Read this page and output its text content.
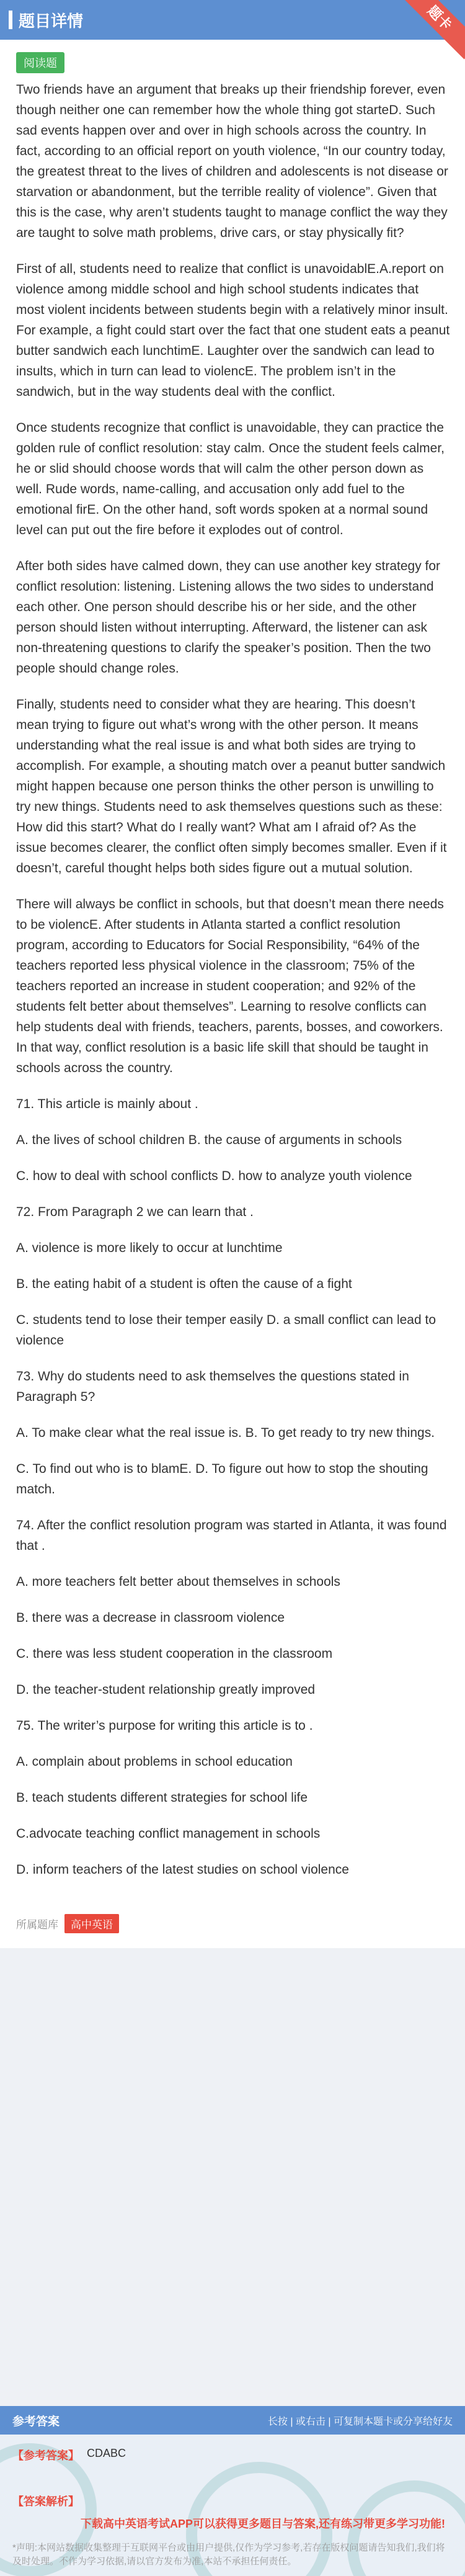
题目详情	题卡
阅读题

Two friends have an argument that breaks up their friendship forever, even though neither one can remember how the whole thing got startеD. Such sad events happen over and over in high schools across the country. In fact, according to an official report on youth violence, “In our country today, the greatest threat to the lives of children and adolescents is not disease or starvation or abandonment, but the terrible reality of violence”. Given that this is the case, why aren’t students taught to manage conflict the way they are taught to solve math problems, drive cars, or stay physically fit?

First of all, students need to realize that conflict is unavoidablE.A.report on violence among middle school and high school students indicates that most violent incidents between students begin with a relatively minor insult. For example, a fight could start over the fact that one student eats a peanut butter sandwich each lunchtimE. Laughter over the sandwich can lead to insults, which in turn can lead to violencE. The problem isn’t in the sandwich, but in the way students deal with the conflict.

Once students recognize that conflict is unavoidable, they can practice the golden rule of conflict resolution: stay calm. Once the student feels calmer, he or slid should choose words that will calm the other person down as well. Rude words, name-calling, and accusation only add fuel to the emotional firE. On the other hand, soft words spoken at a normal sound level can put out the fire before it explodes out of control.

After both sides have calmed down, they can use another key strategy for conflict resolution: listening. Listening allows the two sides to understand each other. One person should describe his or her side, and the other person should listen without interrupting. Afterward, the listener can ask non-threatening questions to clarify the speaker’s position. Then the two people should change roles.

Finally, students need to consider what they are hearing. This doesn’t mean trying to figure out what’s wrong with the other person. It means understanding what the real issue is and what both sides are trying to accomplish. For example, a shouting match over a peanut butter sandwich might happen because one person thinks the other person is unwilling to try new things. Students need to ask themselves questions such as these: How did this start? What do I really want? What am I afraid of? As the issue becomes clearer, the conflict often simply becomes smaller. Even if it doesn’t, careful thought helps both sides figure out a mutual solution.

There will always be conflict in schools, but that doesn’t mean there needs to be violencE. After students in Atlanta started a conflict resolution program, according to Educators for Social Responsibility, “64% of the teachers reported less physical violence in the classroom; 75% of the teachers reported an increase in student cooperation; and 92% of the students felt better about themselves”. Learning to resolve conflicts can help students deal with friends, teachers, parents, bosses, and coworkers. In that way, conflict resolution is a basic life skill that should be taught in schools across the country.

71. This article is mainly about .

A. the lives of school children B. the cause of arguments in schools

C. how to deal with school conflicts D. how to analyze youth violence

72. From Paragraph 2 we can learn that .

A. violence is more likely to occur at lunchtime

B. the eating habit of a student is often the cause of a fight

C. students tend to lose their temper easily D. a small conflict can lead to violence

73. Why do students need to ask themselves the questions stated in Paragraph 5?

A. To make clear what the real issue is. B. To get ready to try new things.

C. To find out who is to blamE. D. To figure out how to stop the shouting match.

74. After the conflict resolution program was started in Atlanta, it was found that .

A. more teachers felt better about themselves in schools

B. there was a decrease in classroom violence

C. there was less student cooperation in the classroom

D. the teacher-student relationship greatly improved

75. The writer’s purpose for writing this article is to .

A. complain about problems in school education

B. teach students different strategies for school life

C.advocate teaching conflict management in schools

D. inform teachers of the latest studies on school violence

所属题库	高中英语
参考答案	长按 | 或右击 | 可复制本题卡或分享给好友
【参考答案】 CDABC
【答案解析】
下载高中英语考试APP可以获得更多题目与答案,还有练习带更多学习功能!
*声明:本网站数据收集整理于互联网平台或由用户提供,仅作为学习参考,若存在版权问题请告知我们,我们将及时处理。不作为学习依据,请以官方发布为准,本站不承担任何责任。
